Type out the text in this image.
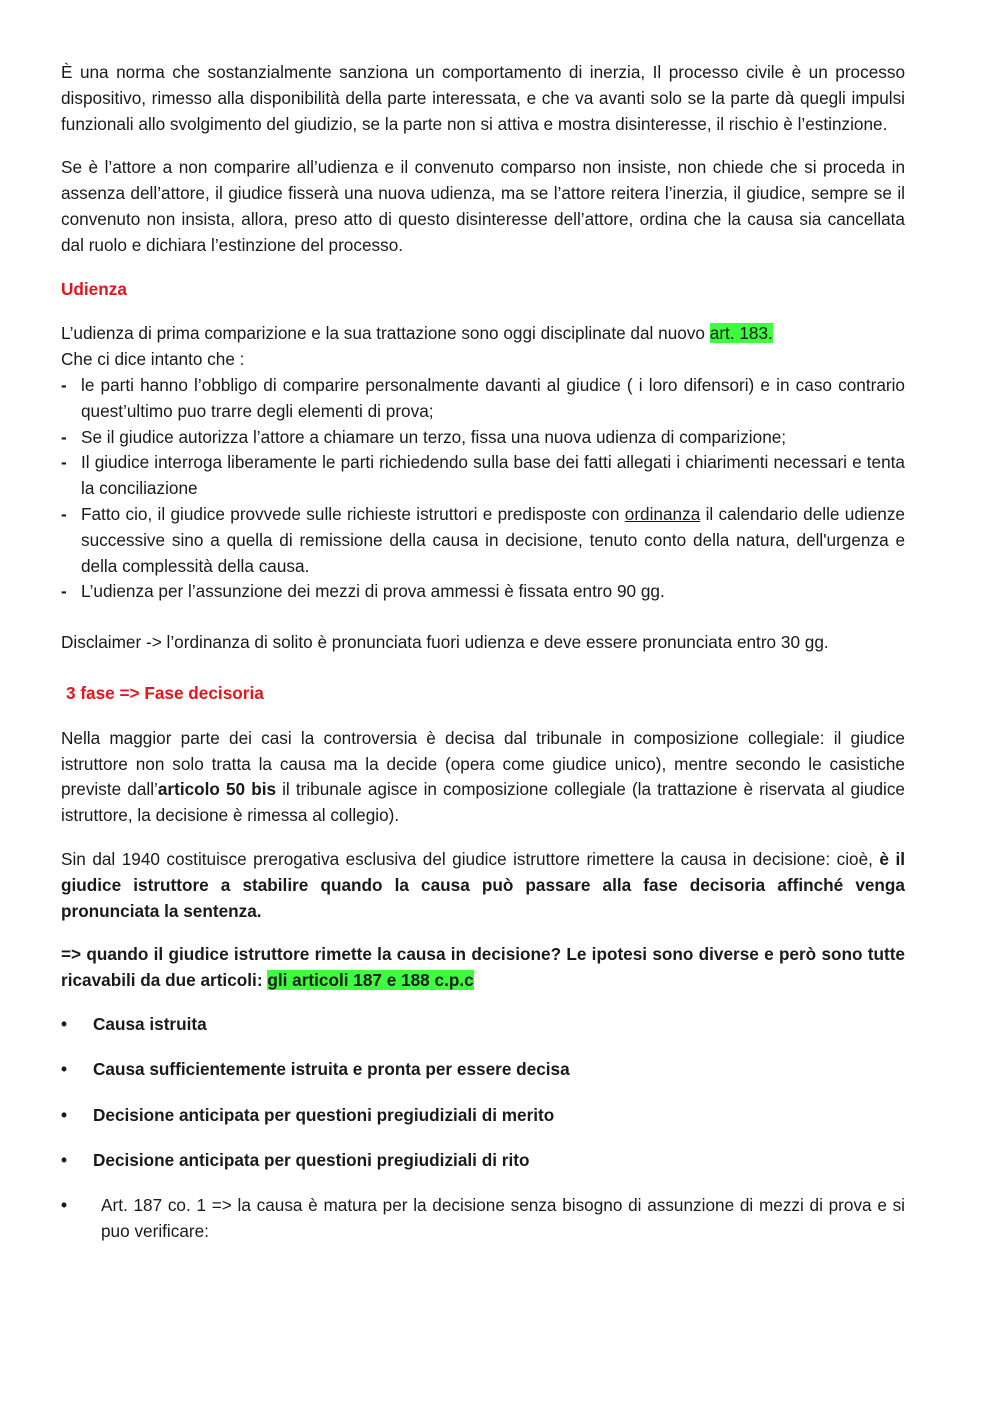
È una norma che sostanzialmente sanziona un comportamento di inerzia, Il processo civile è un processo dispositivo, rimesso alla disponibilità della parte interessata, e che va avanti solo se la parte dà quegli impulsi funzionali allo svolgimento del giudizio, se la parte non si attiva e mostra disinteresse, il rischio è l’estinzione.

Se è l’attore a non comparire all’udienza e il convenuto comparso non insiste, non chiede che si proceda in assenza dell’attore, il giudice fisserà una nuova udienza, ma se l’attore reitera l’inerzia, il giudice, sempre se il convenuto non insista, allora, preso atto di questo disinteresse dell’attore, ordina che la causa sia cancellata dal ruolo e dichiara l’estinzione del processo.

Udienza

L’udienza di prima comparizione e la sua trattazione sono oggi disciplinate dal nuovo art. 183.

Che ci dice intanto che :

- le parti hanno l’obbligo di comparire personalmente davanti al giudice ( i loro difensori) e in caso contrario quest’ultimo puo trarre degli elementi di prova;
- Se il giudice autorizza l’attore a chiamare un terzo, fissa una nuova udienza di comparizione;
- Il giudice interroga liberamente le parti richiedendo sulla base dei fatti allegati i chiarimenti necessari e tenta la conciliazione
- Fatto cio, il giudice provvede sulle richieste istruttori e predisposte con ordinanza il calendario delle udienze successive sino a quella di remissione della causa in decisione, tenuto conto della natura, dell'urgenza e della complessità della causa.
- L’udienza per l’assunzione dei mezzi di prova ammessi è fissata entro 90 gg.

Disclaimer -> l’ordinanza di solito è pronunciata fuori udienza e deve essere pronunciata entro 30 gg.

3 fase => Fase decisoria

Nella maggior parte dei casi la controversia è decisa dal tribunale in composizione collegiale: il giudice istruttore non solo tratta la causa ma la decide (opera come giudice unico), mentre secondo le casistiche previste dall’articolo 50 bis il tribunale agisce in composizione collegiale (la trattazione è riservata al giudice istruttore, la decisione è rimessa al collegio).

Sin dal 1940 costituisce prerogativa esclusiva del giudice istruttore rimettere la causa in decisione: cioè, è il giudice istruttore a stabilire quando la causa può passare alla fase decisoria affinché venga pronunciata la sentenza.

=> quando il giudice istruttore rimette la causa in decisione? Le ipotesi sono diverse e però sono tutte ricavabili da due articoli: gli articoli 187 e 188 c.p.c

• Causa istruita
• Causa sufficientemente istruita e pronta per essere decisa
• Decisione anticipata per questioni pregiudiziali di merito
• Decisione anticipata per questioni pregiudiziali di rito
• Art. 187 co. 1 => la causa è matura per la decisione senza bisogno di assunzione di mezzi di prova e si puo verificare:
